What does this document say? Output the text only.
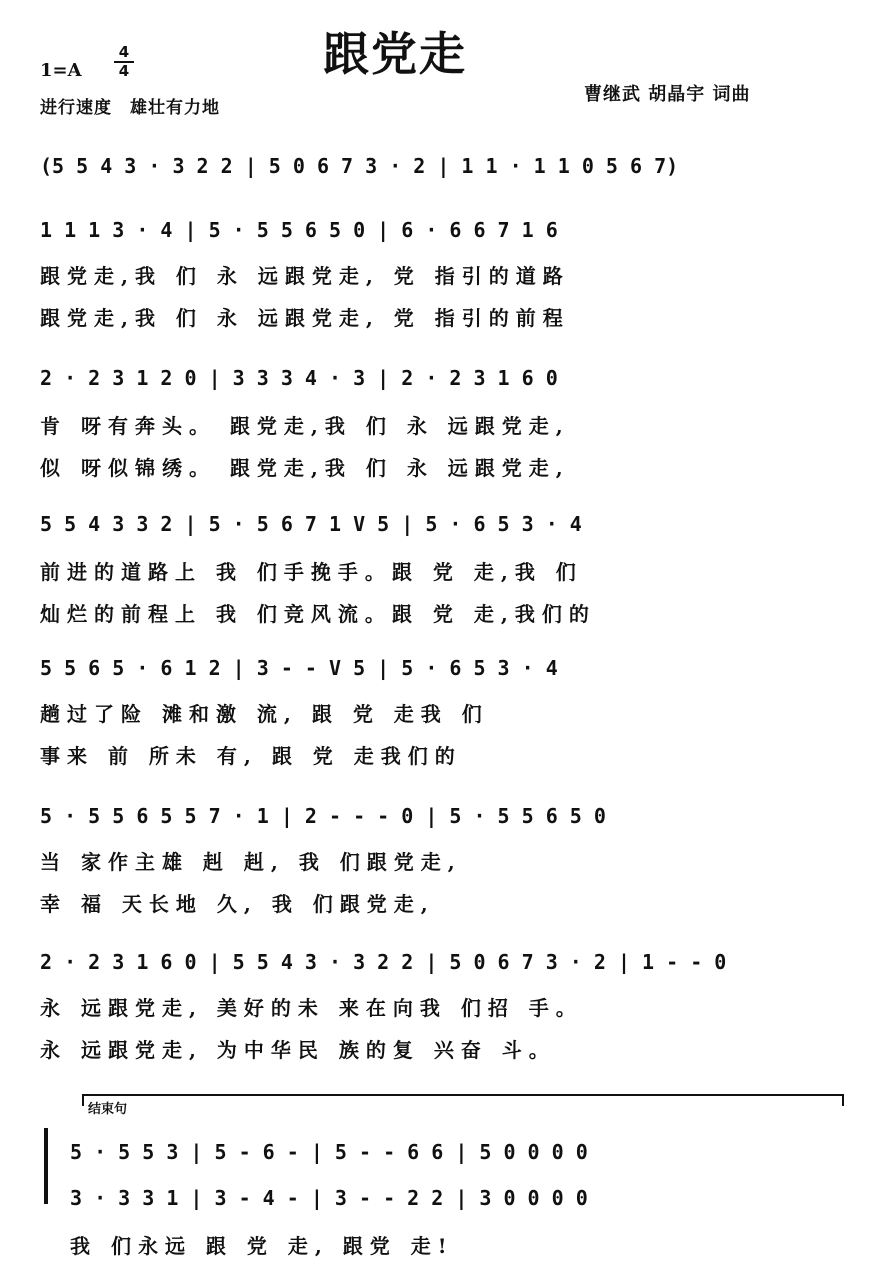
跟党走
1=A
4
4
进行速度　雄壮有力地
曹继武 胡晶宇 词曲
(5 5 4 3 · 3 2 2 | 5 0 6 7 3 · 2 | 1 1 · 1 1 0 5 6 7)
1 1 1 3 · 4 | 5 · 5 5 6 5 0 | 6 · 6 6 7 1 6
跟党走,我 们 永 远跟党走, 党 指引的道路
跟党走,我 们 永 远跟党走, 党 指引的前程
2 · 2 3 1 2 0 | 3 3 3 4 · 3 | 2 · 2 3 1 6 0
肯 呀有奔头。 跟党走,我 们 永 远跟党走,
似 呀似锦绣。 跟党走,我 们 永 远跟党走,
5 5 4 3 3 2 | 5 · 5 6 7 1 V 5 | 5 · 6 5 3 · 4
前进的道路上 我 们手挽手。跟 党 走,我 们
灿烂的前程上 我 们竞风流。跟 党 走,我们的
5 5 6 5 · 6 1 2 | 3 - - V 5 | 5 · 6 5 3 · 4
趟过了险 滩和激 流, 跟 党 走我 们
事来 前 所未 有, 跟 党 走我们的
5 · 5 5 6 5 5 7 · 1 | 2 - - - 0 | 5 · 5 5 6 5 0
当 家作主雄 赳 赳, 我 们跟党走,
幸 福 天长地 久, 我 们跟党走,
2 · 2 3 1 6 0 | 5 5 4 3 · 3 2 2 | 5 0 6 7 3 · 2 | 1 - - 0
永 远跟党走, 美好的未 来在向我 们招 手。
永 远跟党走, 为中华民 族的复 兴奋 斗。
结束句
5 · 5 5 3 | 5 - 6 - | 5 - - 6 6 | 5 0 0 0 0
3 · 3 3 1 | 3 - 4 - | 3 - - 2 2 | 3 0 0 0 0
我 们永远 跟 党 走, 跟党 走!
